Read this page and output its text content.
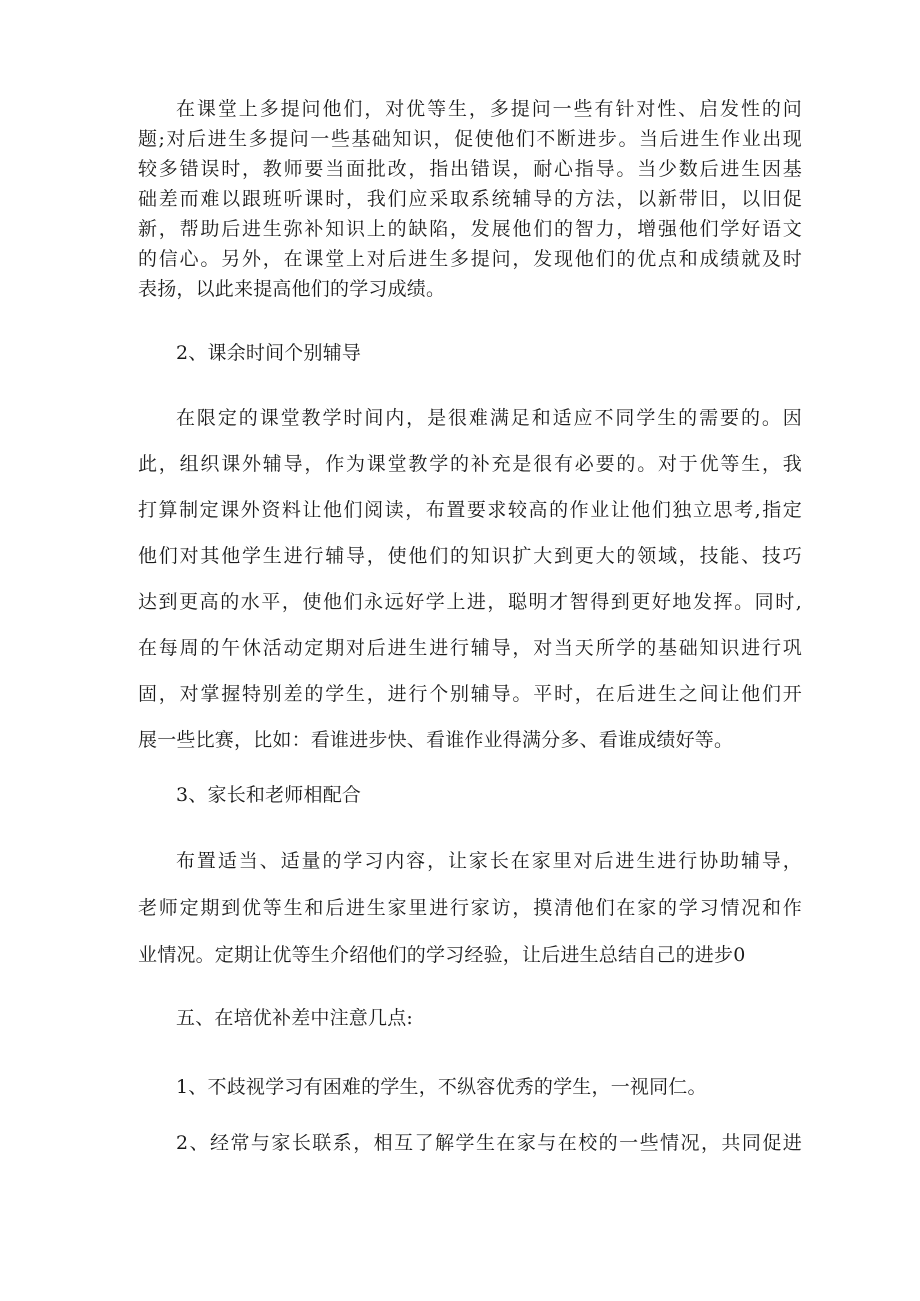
在课堂上多提问他们，对优等生，多提问一些有针对性、启发性的问
题;对后进生多提问一些基础知识，促使他们不断进步。当后进生作业出现
较多错误时，教师要当面批改，指出错误，耐心指导。当少数后进生因基
础差而难以跟班听课时，我们应采取系统辅导的方法，以新带旧，以旧促
新，帮助后进生弥补知识上的缺陷，发展他们的智力，增强他们学好语文
的信心。另外，在课堂上对后进生多提问，发现他们的优点和成绩就及时
表扬，以此来提高他们的学习成绩。
2、课余时间个别辅导
在限定的课堂教学时间内，是很难满足和适应不同学生的需要的。因
此，组织课外辅导，作为课堂教学的补充是很有必要的。对于优等生，我
打算制定课外资料让他们阅读，布置要求较高的作业让他们独立思考,指定
他们对其他学生进行辅导，使他们的知识扩大到更大的领域，技能、技巧
达到更高的水平，使他们永远好学上进，聪明才智得到更好地发挥。同时,
在每周的午休活动定期对后进生进行辅导，对当天所学的基础知识进行巩
固，对掌握特别差的学生，进行个别辅导。平时，在后进生之间让他们开
展一些比赛，比如：看谁进步快、看谁作业得满分多、看谁成绩好等。
3、家长和老师相配合
布置适当、适量的学习内容，让家长在家里对后进生进行协助辅导，
老师定期到优等生和后进生家里进行家访，摸清他们在家的学习情况和作
业情况。定期让优等生介绍他们的学习经验，让后进生总结自己的进步0
五、在培优补差中注意几点:
1、不歧视学习有困难的学生，不纵容优秀的学生，一视同仁。
2、经常与家长联系，相互了解学生在家与在校的一些情况，共同促进
